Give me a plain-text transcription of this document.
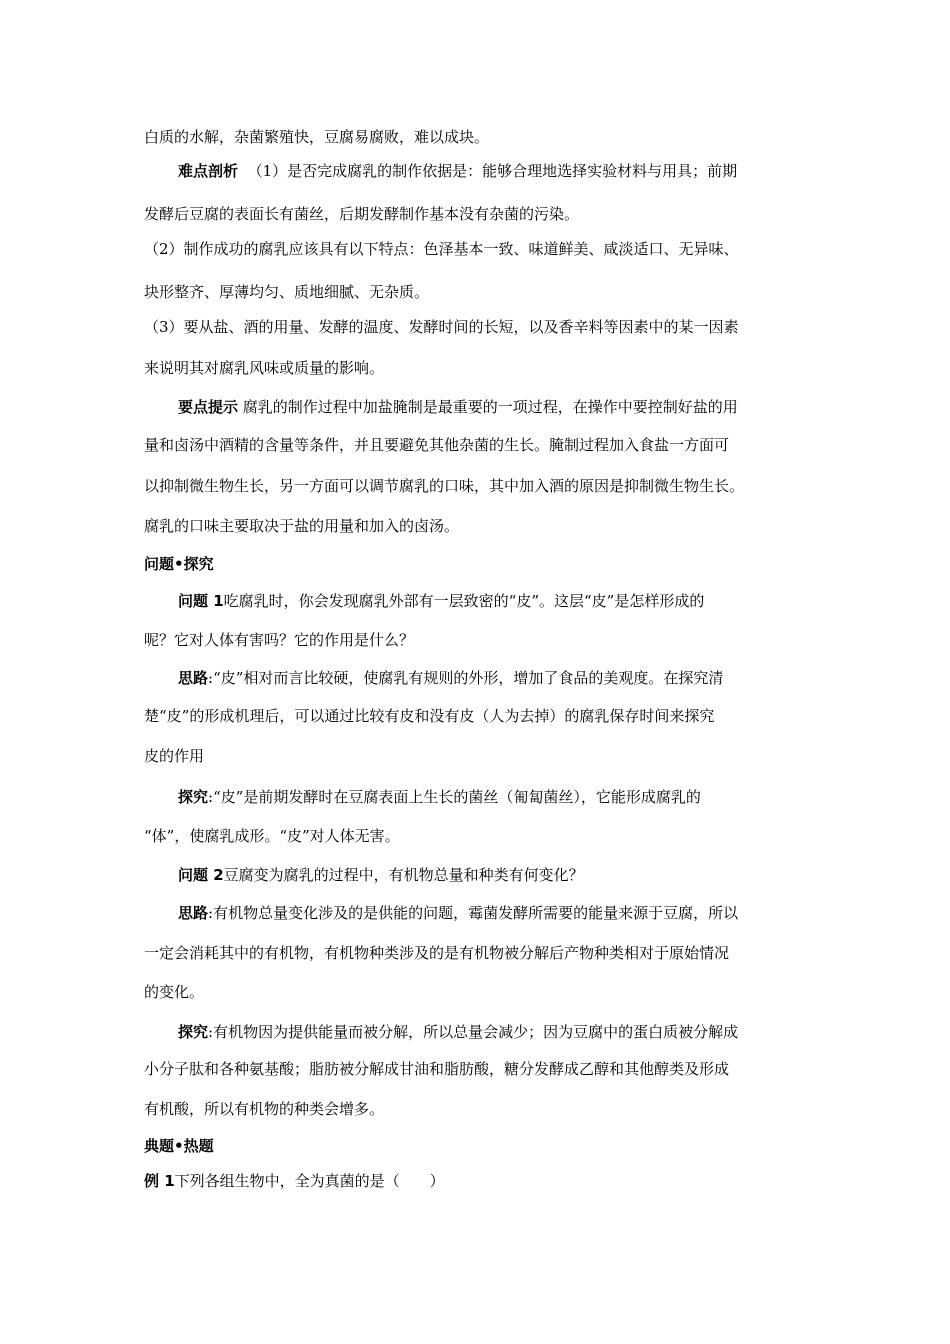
白质的水解，杂菌繁殖快，豆腐易腐败，难以成块。
难点剖析 （1）是否完成腐乳的制作依据是：能够合理地选择实验材料与用具；前期
发酵后豆腐的表面长有菌丝，后期发酵制作基本没有杂菌的污染。
（2）制作成功的腐乳应该具有以下特点：色泽基本一致、味道鲜美、咸淡适口、无异味、
块形整齐、厚薄均匀、质地细腻、无杂质。
（3）要从盐、酒的用量、发酵的温度、发酵时间的长短，以及香辛料等因素中的某一因素
来说明其对腐乳风味或质量的影响。
要点提示 腐乳的制作过程中加盐腌制是最重要的一项过程，在操作中要控制好盐的用
量和卤汤中酒精的含量等条件，并且要避免其他杂菌的生长。腌制过程加入食盐一方面可
以抑制微生物生长，另一方面可以调节腐乳的口味，其中加入酒的原因是抑制微生物生长。
腐乳的口味主要取决于盐的用量和加入的卤汤。
问题•探究
问题 1吃腐乳时，你会发现腐乳外部有一层致密的“皮”。这层“皮”是怎样形成的
呢？它对人体有害吗？它的作用是什么？
思路:“皮”相对而言比较硬，使腐乳有规则的外形，增加了食品的美观度。在探究清
楚“皮”的形成机理后，可以通过比较有皮和没有皮（人为去掉）的腐乳保存时间来探究
皮的作用
探究:“皮”是前期发酵时在豆腐表面上生长的菌丝（匍匐菌丝），它能形成腐乳的
“体”，使腐乳成形。“皮”对人体无害。
问题 2豆腐变为腐乳的过程中，有机物总量和种类有何变化？
思路:有机物总量变化涉及的是供能的问题，霉菌发酵所需要的能量来源于豆腐，所以
一定会消耗其中的有机物，有机物种类涉及的是有机物被分解后产物种类相对于原始情况
的变化。
探究:有机物因为提供能量而被分解，所以总量会减少；因为豆腐中的蛋白质被分解成
小分子肽和各种氨基酸；脂肪被分解成甘油和脂肪酸，糖分发酵成乙醇和其他醇类及形成
有机酸，所以有机物的种类会增多。
典题•热题
例 1下列各组生物中，全为真菌的是（　　）
